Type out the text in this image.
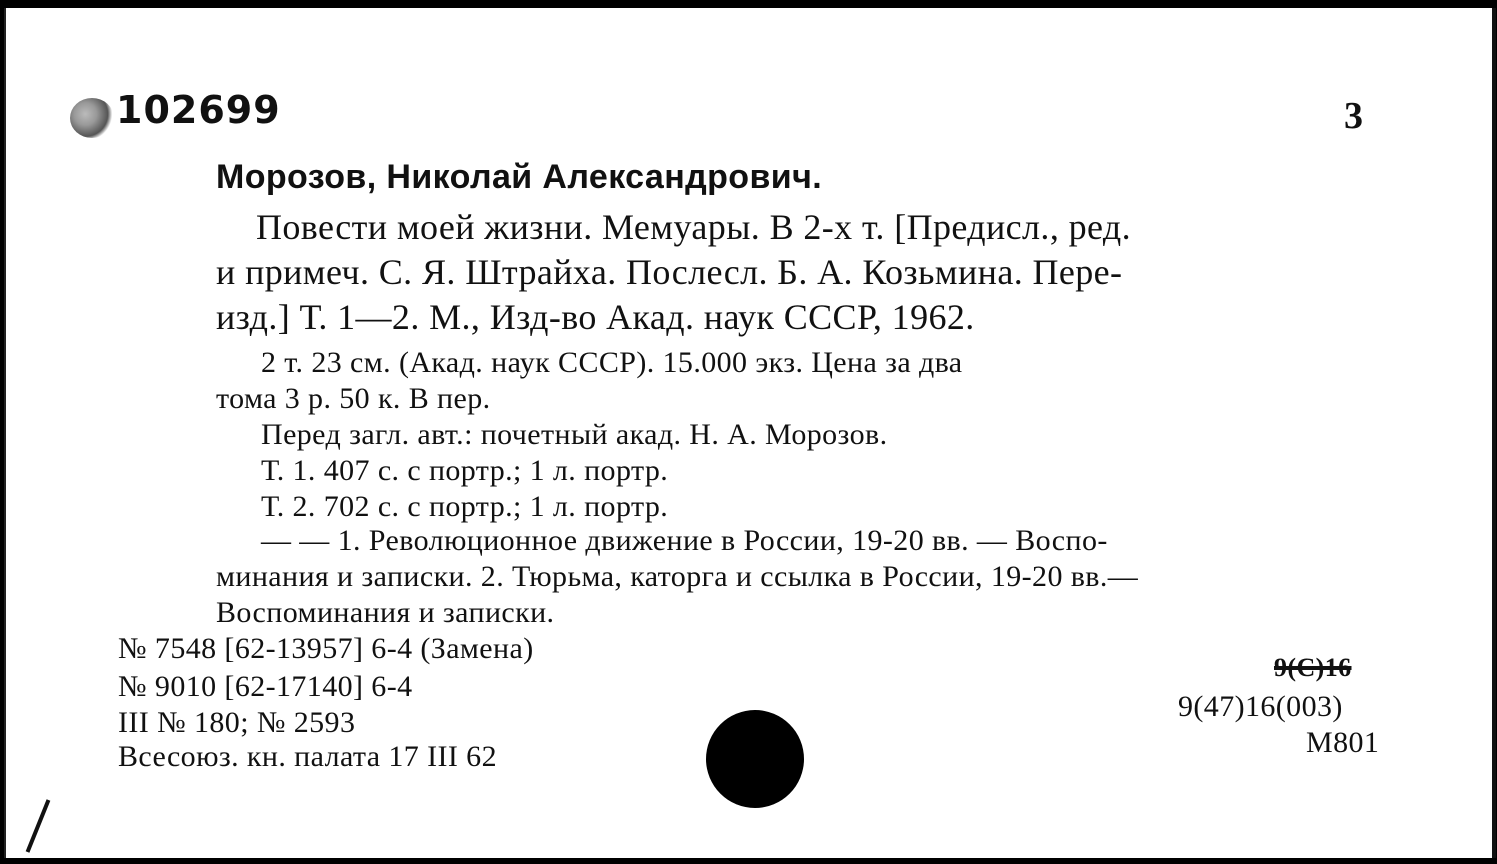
102699	3
Морозов, Николай Александрович.
Повести моей жизни. Мемуары. В 2-х т. [Предисл., ред.
и примеч. С. Я. Штрайха. Послесл. Б. А. Козьмина. Пере-
изд.] Т. 1—2. М., Изд-во Акад. наук СССР, 1962.
2 т. 23 см. (Акад. наук СССР). 15.000 экз. Цена за два
тома 3 р. 50 к. В пер.
Перед загл. авт.: почетный акад. Н. А. Морозов.
Т. 1. 407 с. с портр.; 1 л. портр.
Т. 2. 702 с. с портр.; 1 л. портр.
— — 1. Революционное движение в России, 19-20 вв. — Воспо-
минания и записки. 2. Тюрьма, каторга и ссылка в России, 19-20 вв.—
Воспоминания и записки.
№ 7548 [62-13957] 6-4 (Замена)
№ 9010 [62-17140] 6-4
III № 180; № 2593
Всесоюз. кн. палата 17 III 62
9(С)16
9(47)16(003)
М801
